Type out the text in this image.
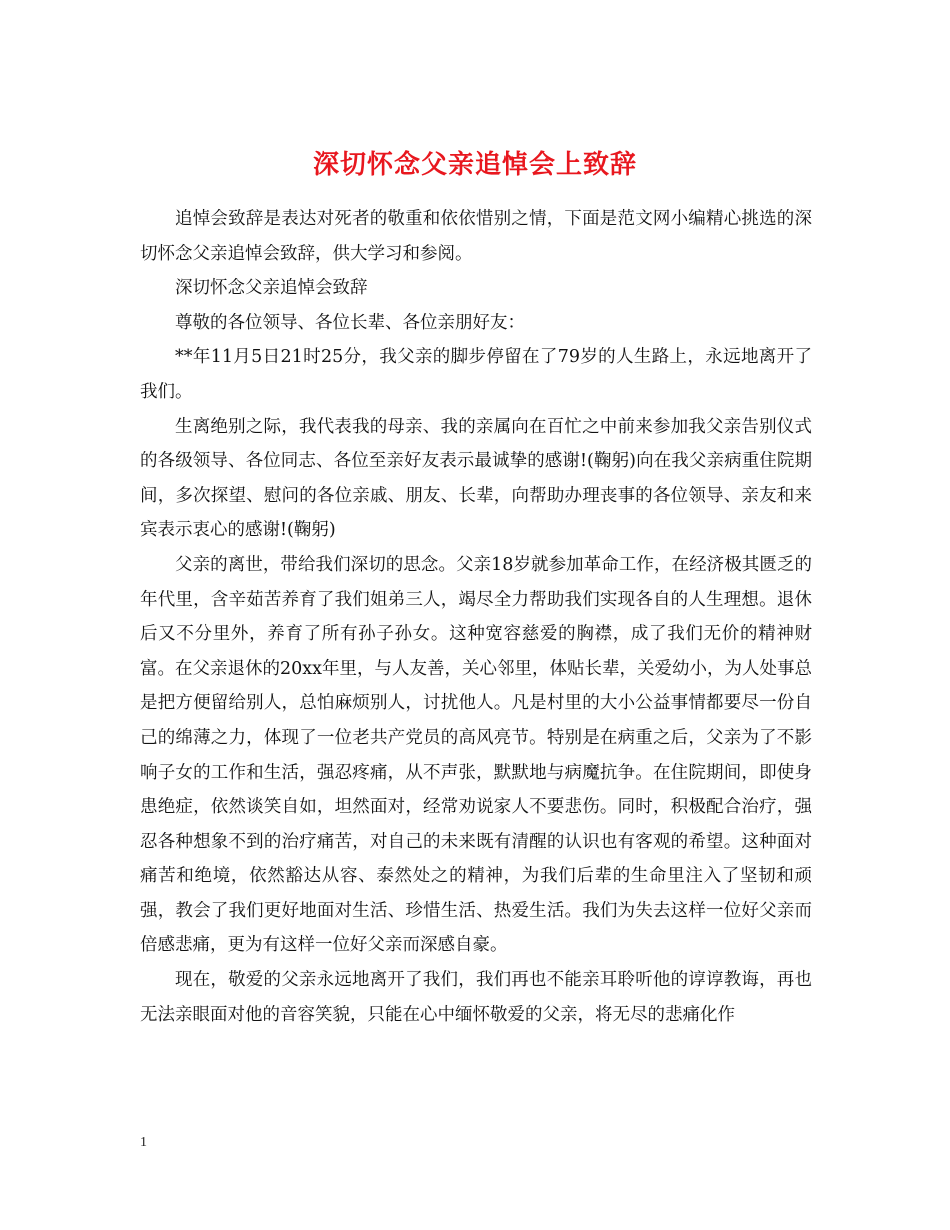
深切怀念父亲追悼会上致辞

追悼会致辞是表达对死者的敬重和依依惜别之情，下面是范文网小编精心挑选的深切怀念父亲追悼会致辞，供大学习和参阅。

深切怀念父亲追悼会致辞

尊敬的各位领导、各位长辈、各位亲朋好友：

**年11月5日21时25分，我父亲的脚步停留在了79岁的人生路上，永远地离开了我们。

生离绝别之际，我代表我的母亲、我的亲属向在百忙之中前来参加我父亲告别仪式的各级领导、各位同志、各位至亲好友表示最诚挚的感谢!(鞠躬)向在我父亲病重住院期间，多次探望、慰问的各位亲戚、朋友、长辈，向帮助办理丧事的各位领导、亲友和来宾表示衷心的感谢!(鞠躬)

父亲的离世，带给我们深切的思念。父亲18岁就参加革命工作，在经济极其匮乏的年代里，含辛茹苦养育了我们姐弟三人，竭尽全力帮助我们实现各自的人生理想。退休后又不分里外，养育了所有孙子孙女。这种宽容慈爱的胸襟，成了我们无价的精神财富。在父亲退休的20xx年里，与人友善，关心邻里，体贴长辈，关爱幼小，为人处事总是把方便留给别人，总怕麻烦别人，讨扰他人。凡是村里的大小公益事情都要尽一份自己的绵薄之力，体现了一位老共产党员的高风亮节。特别是在病重之后，父亲为了不影响子女的工作和生活，强忍疼痛，从不声张，默默地与病魔抗争。在住院期间，即使身患绝症，依然谈笑自如，坦然面对，经常劝说家人不要悲伤。同时，积极配合治疗，强忍各种想象不到的治疗痛苦，对自己的未来既有清醒的认识也有客观的希望。这种面对痛苦和绝境，依然豁达从容、泰然处之的精神，为我们后辈的生命里注入了坚韧和顽强，教会了我们更好地面对生活、珍惜生活、热爱生活。我们为失去这样一位好父亲而倍感悲痛，更为有这样一位好父亲而深感自豪。

现在，敬爱的父亲永远地离开了我们，我们再也不能亲耳聆听他的谆谆教诲，再也无法亲眼面对他的音容笑貌，只能在心中缅怀敬爱的父亲，将无尽的悲痛化作

1
